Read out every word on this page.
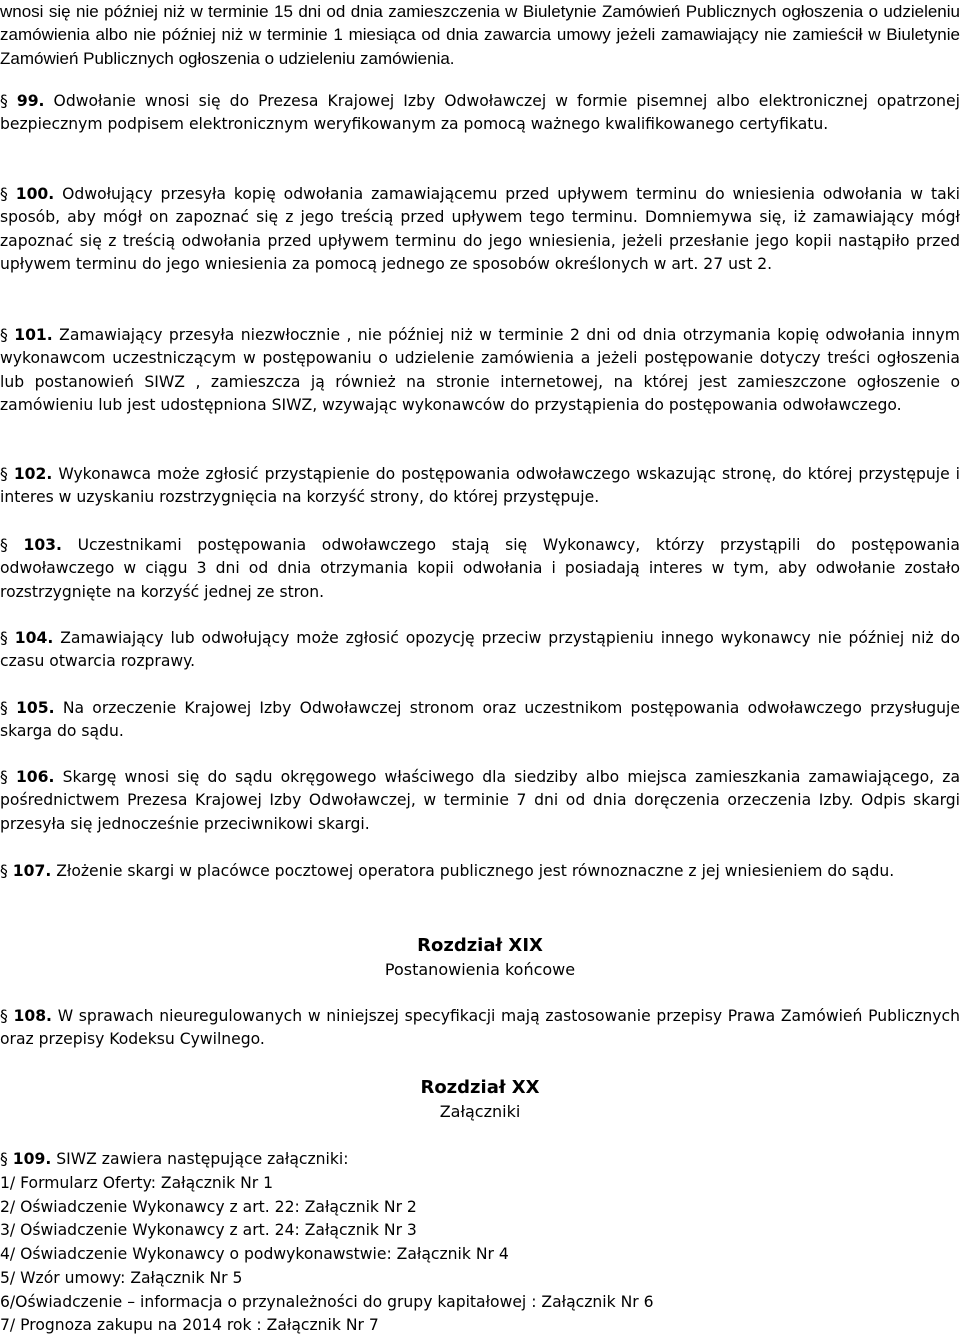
wnosi się nie później niż w terminie 15 dni od dnia zamieszczenia w Biuletynie Zamówień Publicznych ogłoszenia o udzieleniu zamówienia albo nie później niż w terminie 1 miesiąca od dnia zawarcia umowy jeżeli zamawiający nie zamieścił w Biuletynie Zamówień Publicznych ogłoszenia o udzieleniu zamówienia.

§ 99. Odwołanie wnosi się do Prezesa Krajowej Izby Odwoławczej w formie pisemnej albo elektronicznej opatrzonej bezpiecznym podpisem elektronicznym weryfikowanym za pomocą ważnego kwalifikowanego certyfikatu.

§ 100. Odwołujący przesyła kopię odwołania zamawiającemu przed upływem terminu do wniesienia odwołania w taki sposób, aby mógł on zapoznać się z jego treścią przed upływem tego terminu. Domniemywa się, iż zamawiający mógł zapoznać się z treścią odwołania przed upływem terminu do jego wniesienia, jeżeli przesłanie jego kopii nastąpiło przed upływem terminu do jego wniesienia za pomocą jednego ze sposobów określonych w art. 27 ust 2.

§ 101. Zamawiający przesyła niezwłocznie , nie później niż w terminie 2 dni od dnia otrzymania kopię odwołania innym wykonawcom uczestniczącym w postępowaniu o udzielenie zamówienia a jeżeli postępowanie dotyczy treści ogłoszenia lub postanowień SIWZ , zamieszcza ją również na stronie internetowej, na której jest zamieszczone ogłoszenie o zamówieniu lub jest udostępniona SIWZ, wzywając wykonawców do przystąpienia do postępowania odwoławczego.

§ 102. Wykonawca może zgłosić przystąpienie do postępowania odwoławczego wskazując stronę, do której przystępuje i interes w uzyskaniu rozstrzygnięcia na korzyść strony, do której przystępuje.

§ 103. Uczestnikami postępowania odwoławczego stają się Wykonawcy, którzy przystąpili do postępowania odwoławczego w ciągu 3 dni od dnia otrzymania kopii odwołania i posiadają interes w tym, aby odwołanie zostało rozstrzygnięte na korzyść jednej ze stron.

§ 104. Zamawiający lub odwołujący może zgłosić opozycję przeciw przystąpieniu innego wykonawcy nie później niż do czasu otwarcia rozprawy.

§ 105. Na orzeczenie Krajowej Izby Odwoławczej stronom oraz uczestnikom postępowania odwoławczego przysługuje skarga do sądu.

§ 106. Skargę wnosi się do sądu okręgowego właściwego dla siedziby albo miejsca zamieszkania zamawiającego, za pośrednictwem Prezesa Krajowej Izby Odwoławczej, w terminie 7 dni od dnia doręczenia orzeczenia Izby. Odpis skargi przesyła się jednocześnie przeciwnikowi skargi.

§ 107. Złożenie skargi w placówce pocztowej operatora publicznego jest równoznaczne z jej wniesieniem do sądu.

Rozdział XIX
Postanowienia końcowe

§ 108. W sprawach nieuregulowanych w niniejszej specyfikacji mają zastosowanie przepisy Prawa Zamówień Publicznych oraz przepisy Kodeksu Cywilnego.

Rozdział XX
Załączniki

§ 109. SIWZ zawiera następujące załączniki:

1/ Formularz Oferty: Załącznik Nr 1
2/ Oświadczenie Wykonawcy z art. 22: Załącznik Nr 2
3/ Oświadczenie Wykonawcy z art. 24: Załącznik Nr 3
4/ Oświadczenie Wykonawcy o podwykonawstwie: Załącznik Nr 4
5/ Wzór umowy: Załącznik Nr 5
6/Oświadczenie – informacja o przynależności do grupy kapitałowej : Załącznik Nr 6
7/ Prognoza zakupu na 2014 rok : Załącznik Nr 7
